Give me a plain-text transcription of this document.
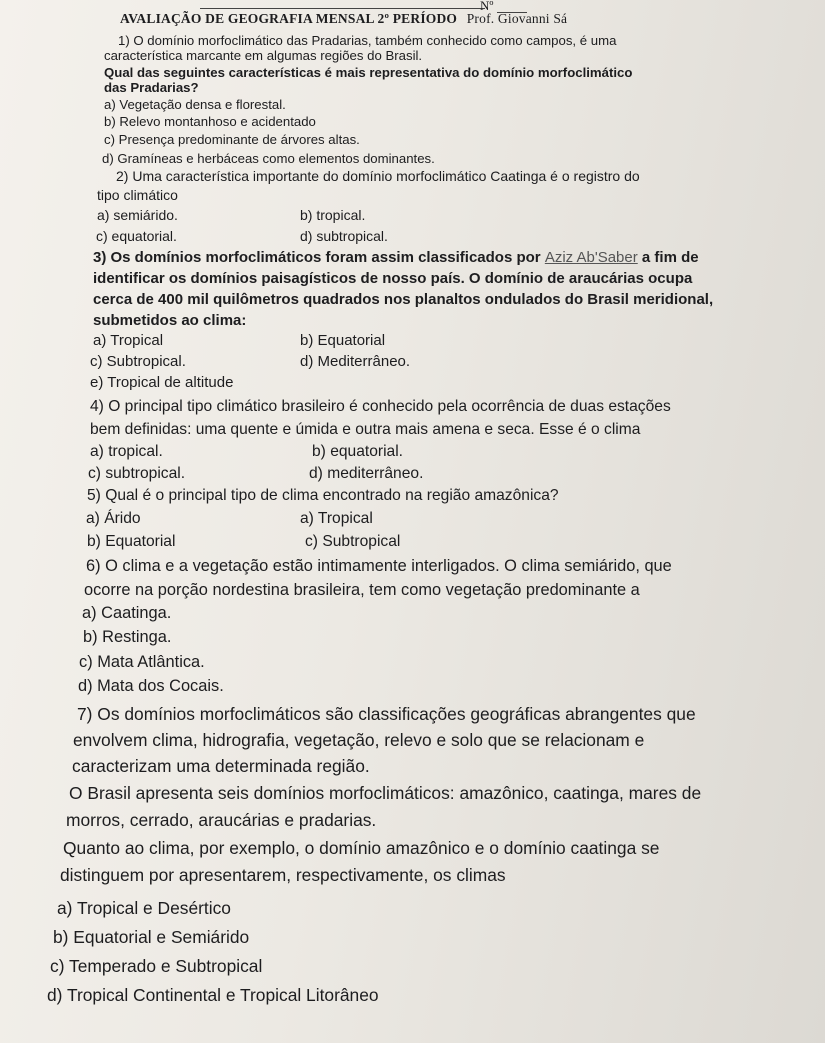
Nº
AVALIAÇÃO DE GEOGRAFIA MENSAL 2º PERÍODO Prof. Giovanni Sá
1) O domínio morfoclimático das Pradarias, também conhecido como campos, é uma
característica marcante em algumas regiões do Brasil.
Qual das seguintes características é mais representativa do domínio morfoclimático
das Pradarias?
a) Vegetação densa e florestal.
b) Relevo montanhoso e acidentado
c) Presença predominante de árvores altas.
d) Gramíneas e herbáceas como elementos dominantes.
2) Uma característica importante do domínio morfoclimático Caatinga é o registro do
tipo climático
a) semiárido.	b) tropical.
c) equatorial.	d) subtropical.
3) Os domínios morfoclimáticos foram assim classificados por Aziz Ab'Saber a fim de
identificar os domínios paisagísticos de nosso país. O domínio de araucárias ocupa
cerca de 400 mil quilômetros quadrados nos planaltos ondulados do Brasil meridional,
submetidos ao clima:
a) Tropical	b) Equatorial
c) Subtropical.	d) Mediterrâneo.
e) Tropical de altitude
4) O principal tipo climático brasileiro é conhecido pela ocorrência de duas estações
bem definidas: uma quente e úmida e outra mais amena e seca. Esse é o clima
a) tropical.	b) equatorial.
c) subtropical.	d) mediterrâneo.
5) Qual é o principal tipo de clima encontrado na região amazônica?
a) Árido	a) Tropical
b) Equatorial	c) Subtropical
6) O clima e a vegetação estão intimamente interligados. O clima semiárido, que
ocorre na porção nordestina brasileira, tem como vegetação predominante a
a) Caatinga.
b) Restinga.
c) Mata Atlântica.
d) Mata dos Cocais.
7) Os domínios morfoclimáticos são classificações geográficas abrangentes que
envolvem clima, hidrografia, vegetação, relevo e solo que se relacionam e
caracterizam uma determinada região.
O Brasil apresenta seis domínios morfoclimáticos: amazônico, caatinga, mares de
morros, cerrado, araucárias e pradarias.
Quanto ao clima, por exemplo, o domínio amazônico e o domínio caatinga se
distinguem por apresentarem, respectivamente, os climas
a) Tropical e Desértico
b) Equatorial e Semiárido
c) Temperado e Subtropical
d) Tropical Continental e Tropical Litorâneo
